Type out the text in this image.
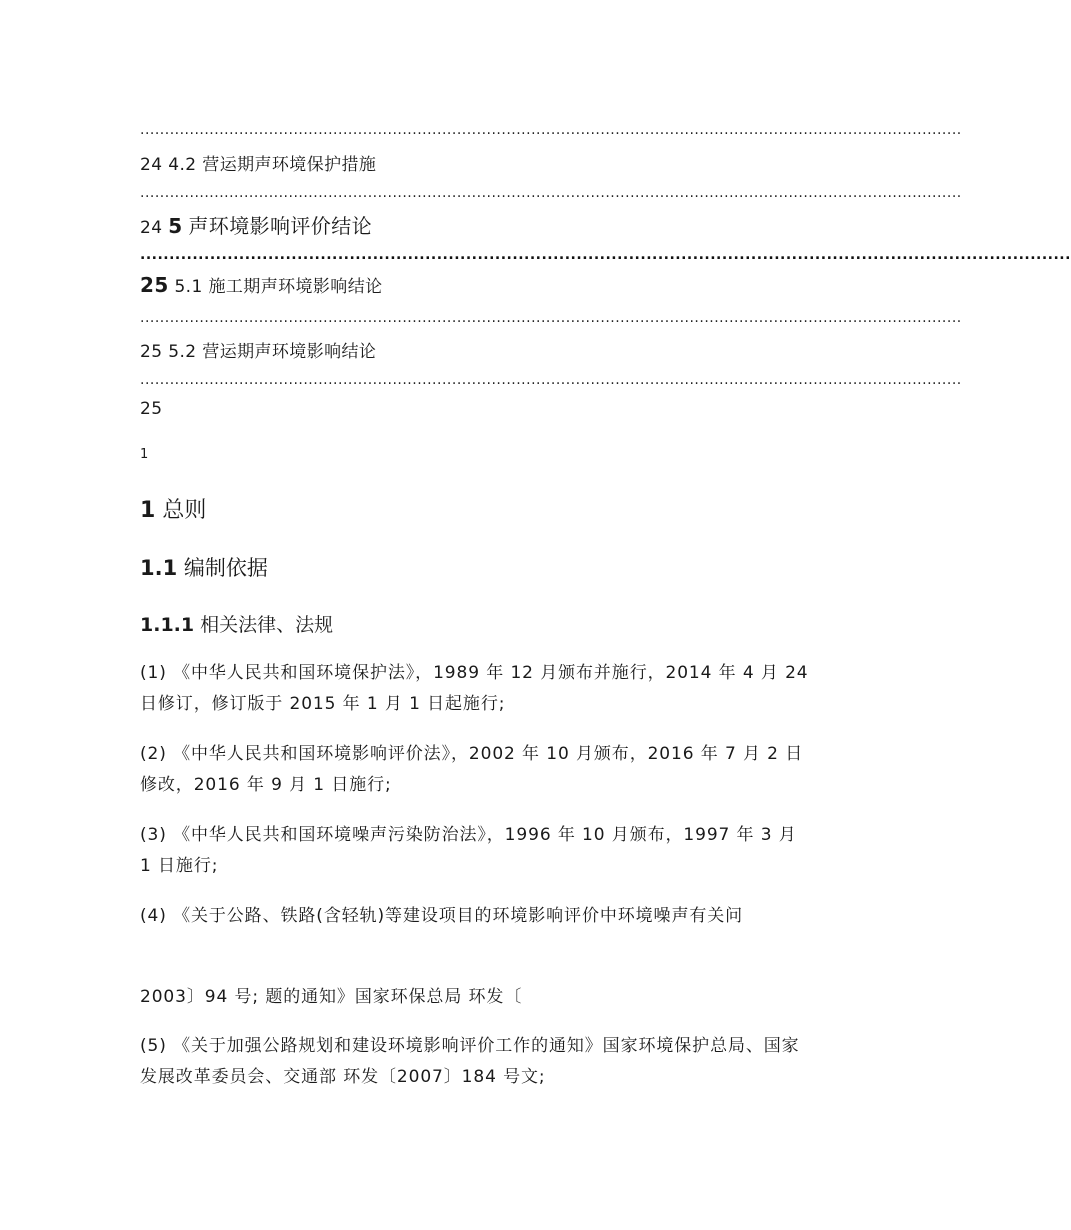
......................................................................................................................................................................
24 4.2 营运期声环境保护措施
......................................................................................................................................................................
24 5 声环境影响评价结论
................................................................................................................................................................
25 5.1 施工期声环境影响结论
......................................................................................................................................................................
25 5.2 营运期声环境影响结论
......................................................................................................................................................................
25
1
1 总则
1.1 编制依据
1.1.1 相关法律、法规
(1) 《中华人民共和国环境保护法》，1989 年 12 月颁布并施行，2014 年 4 月 24 日修订，修订版于 2015 年 1 月 1 日起施行;
(2) 《中华人民共和国环境影响评价法》，2002 年 10 月颁布，2016 年 7 月 2 日修改，2016 年 9 月 1 日施行;
(3) 《中华人民共和国环境噪声污染防治法》，1996 年 10 月颁布，1997 年 3 月 1 日施行;
(4) 《关于公路、铁路(含轻轨)等建设项目的环境影响评价中环境噪声有关问
2003〕94 号; 题的通知》国家环保总局 环发〔
(5) 《关于加强公路规划和建设环境影响评价工作的通知》国家环境保护总局、国家发展改革委员会、交通部 环发〔2007〕184 号文;
